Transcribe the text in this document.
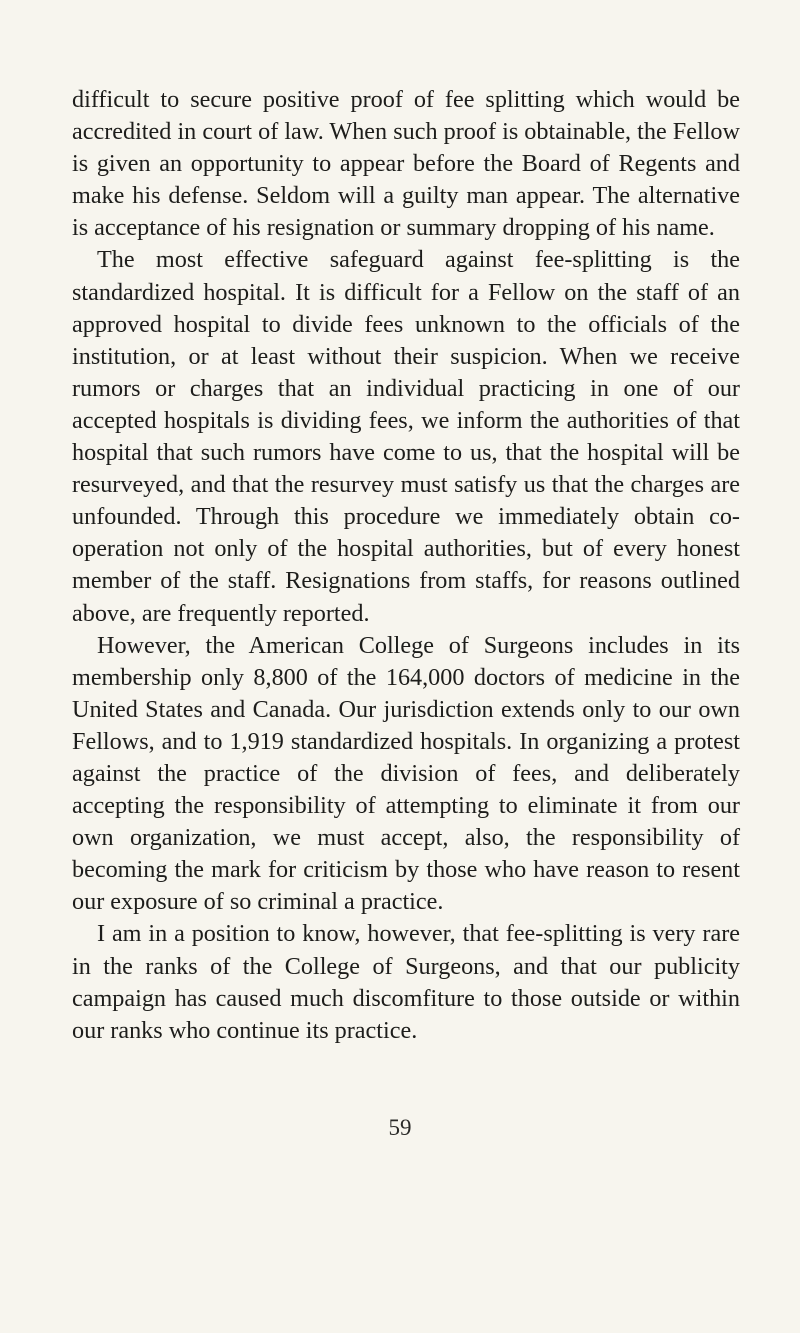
difficult to secure positive proof of fee splitting which would be accredited in court of law. When such proof is obtainable, the Fellow is given an opportunity to appear before the Board of Regents and make his defense. Seldom will a guilty man appear. The alternative is acceptance of his resignation or summary dropping of his name.

The most effective safeguard against fee-splitting is the standardized hospital. It is difficult for a Fellow on the staff of an approved hospital to divide fees unknown to the officials of the institution, or at least without their suspicion. When we receive rumors or charges that an individual practicing in one of our accepted hospitals is dividing fees, we inform the authorities of that hospital that such rumors have come to us, that the hospital will be resurveyed, and that the resurvey must satisfy us that the charges are unfounded. Through this procedure we immediately obtain co-operation not only of the hospital authorities, but of every honest member of the staff. Resignations from staffs, for reasons outlined above, are frequently reported.

However, the American College of Surgeons includes in its membership only 8,800 of the 164,000 doctors of medicine in the United States and Canada. Our jurisdiction extends only to our own Fellows, and to 1,919 standardized hospitals. In organizing a protest against the practice of the division of fees, and deliberately accepting the responsibility of attempting to eliminate it from our own organization, we must accept, also, the responsibility of becoming the mark for criticism by those who have reason to resent our exposure of so criminal a practice.

I am in a position to know, however, that fee-splitting is very rare in the ranks of the College of Surgeons, and that our publicity campaign has caused much discomfiture to those outside or within our ranks who continue its practice.

59
